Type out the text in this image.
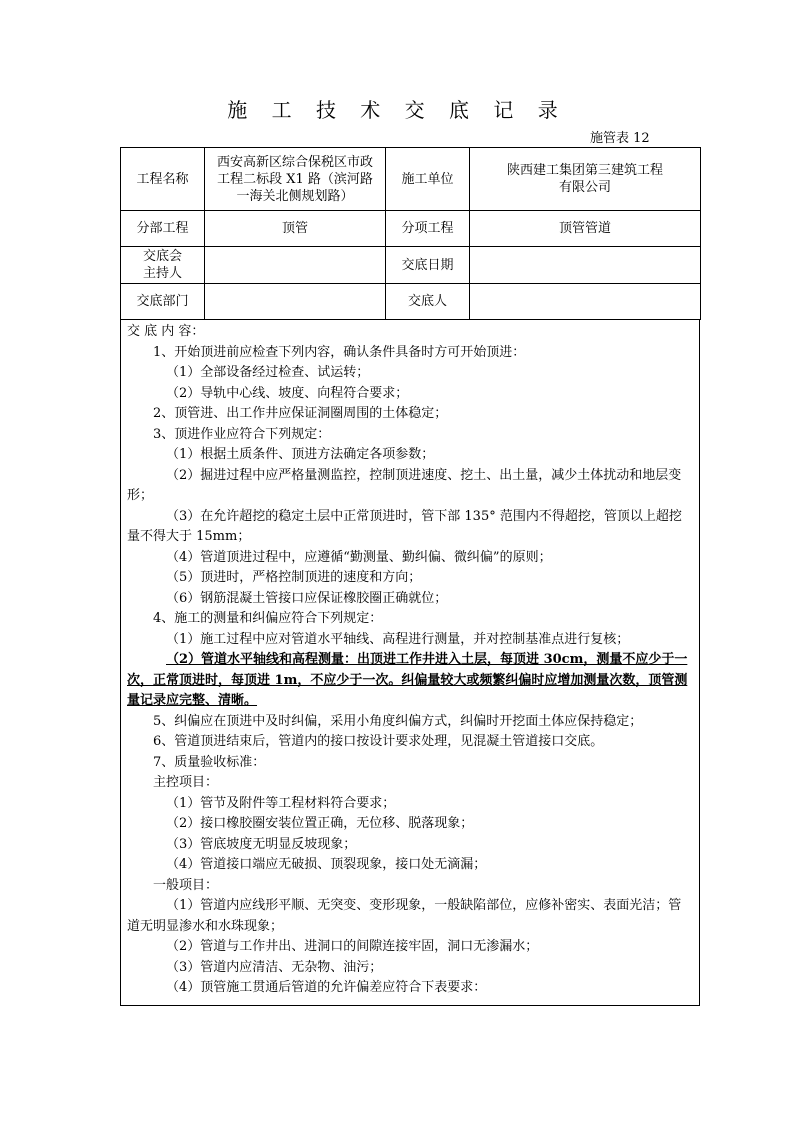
施 工 技 术 交 底 记 录
施管表 12
工程名称	西安高新区综合保税区市政工程二标段 X1 路（滨河路一海关北侧规划路）	施工单位	陕西建工集团第三建筑工程有限公司
分部工程	顶管	分项工程	顶管管道
交底会主持人		交底日期	
交底部门		交底人	

交 底 内 容：

1、开始顶进前应检查下列内容，确认条件具备时方可开始顶进：

（1）全部设备经过检查、试运转；

（2）导轨中心线、坡度、向程符合要求；

2、顶管进、出工作井应保证洞圈周围的土体稳定；

3、顶进作业应符合下列规定：

（1）根据土质条件、顶进方法确定各项参数；

（2）掘进过程中应严格量测监控，控制顶进速度、挖土、出土量，减少土体扰动和地层变形；

（3）在允许超挖的稳定土层中正常顶进时，管下部 135° 范围内不得超挖，管顶以上超挖量不得大于 15mm；

（4）管道顶进过程中，应遵循“勤测量、勤纠偏、微纠偏”的原则；

（5）顶进时，严格控制顶进的速度和方向；

（6）钢筋混凝土管接口应保证橡胶圈正确就位；

4、施工的测量和纠偏应符合下列规定：

（1）施工过程中应对管道水平轴线、高程进行测量，并对控制基准点进行复核；

（2）管道水平轴线和高程测量：出顶进工作井进入土层，每顶进 30cm，测量不应少于一次，正常顶进时，每顶进 1m，不应少于一次。纠偏量较大或频繁纠偏时应增加测量次数，顶管测量记录应完整、清晰。

5、纠偏应在顶进中及时纠偏，采用小角度纠偏方式，纠偏时开挖面土体应保持稳定；

6、管道顶进结束后，管道内的接口按设计要求处理，见混凝土管道接口交底。

7、质量验收标准：

主控项目：

（1）管节及附件等工程材料符合要求；

（2）接口橡胶圈安装位置正确，无位移、脱落现象；

（3）管底坡度无明显反坡现象；

（4）管道接口端应无破损、顶裂现象，接口处无滴漏；

一般项目：

（1）管道内应线形平顺、无突变、变形现象，一般缺陷部位，应修补密实、表面光洁；管道无明显渗水和水珠现象；

（2）管道与工作井出、进洞口的间隙连接牢固，洞口无渗漏水；

（3）管道内应清洁、无杂物、油污；

（4）顶管施工贯通后管道的允许偏差应符合下表要求：
